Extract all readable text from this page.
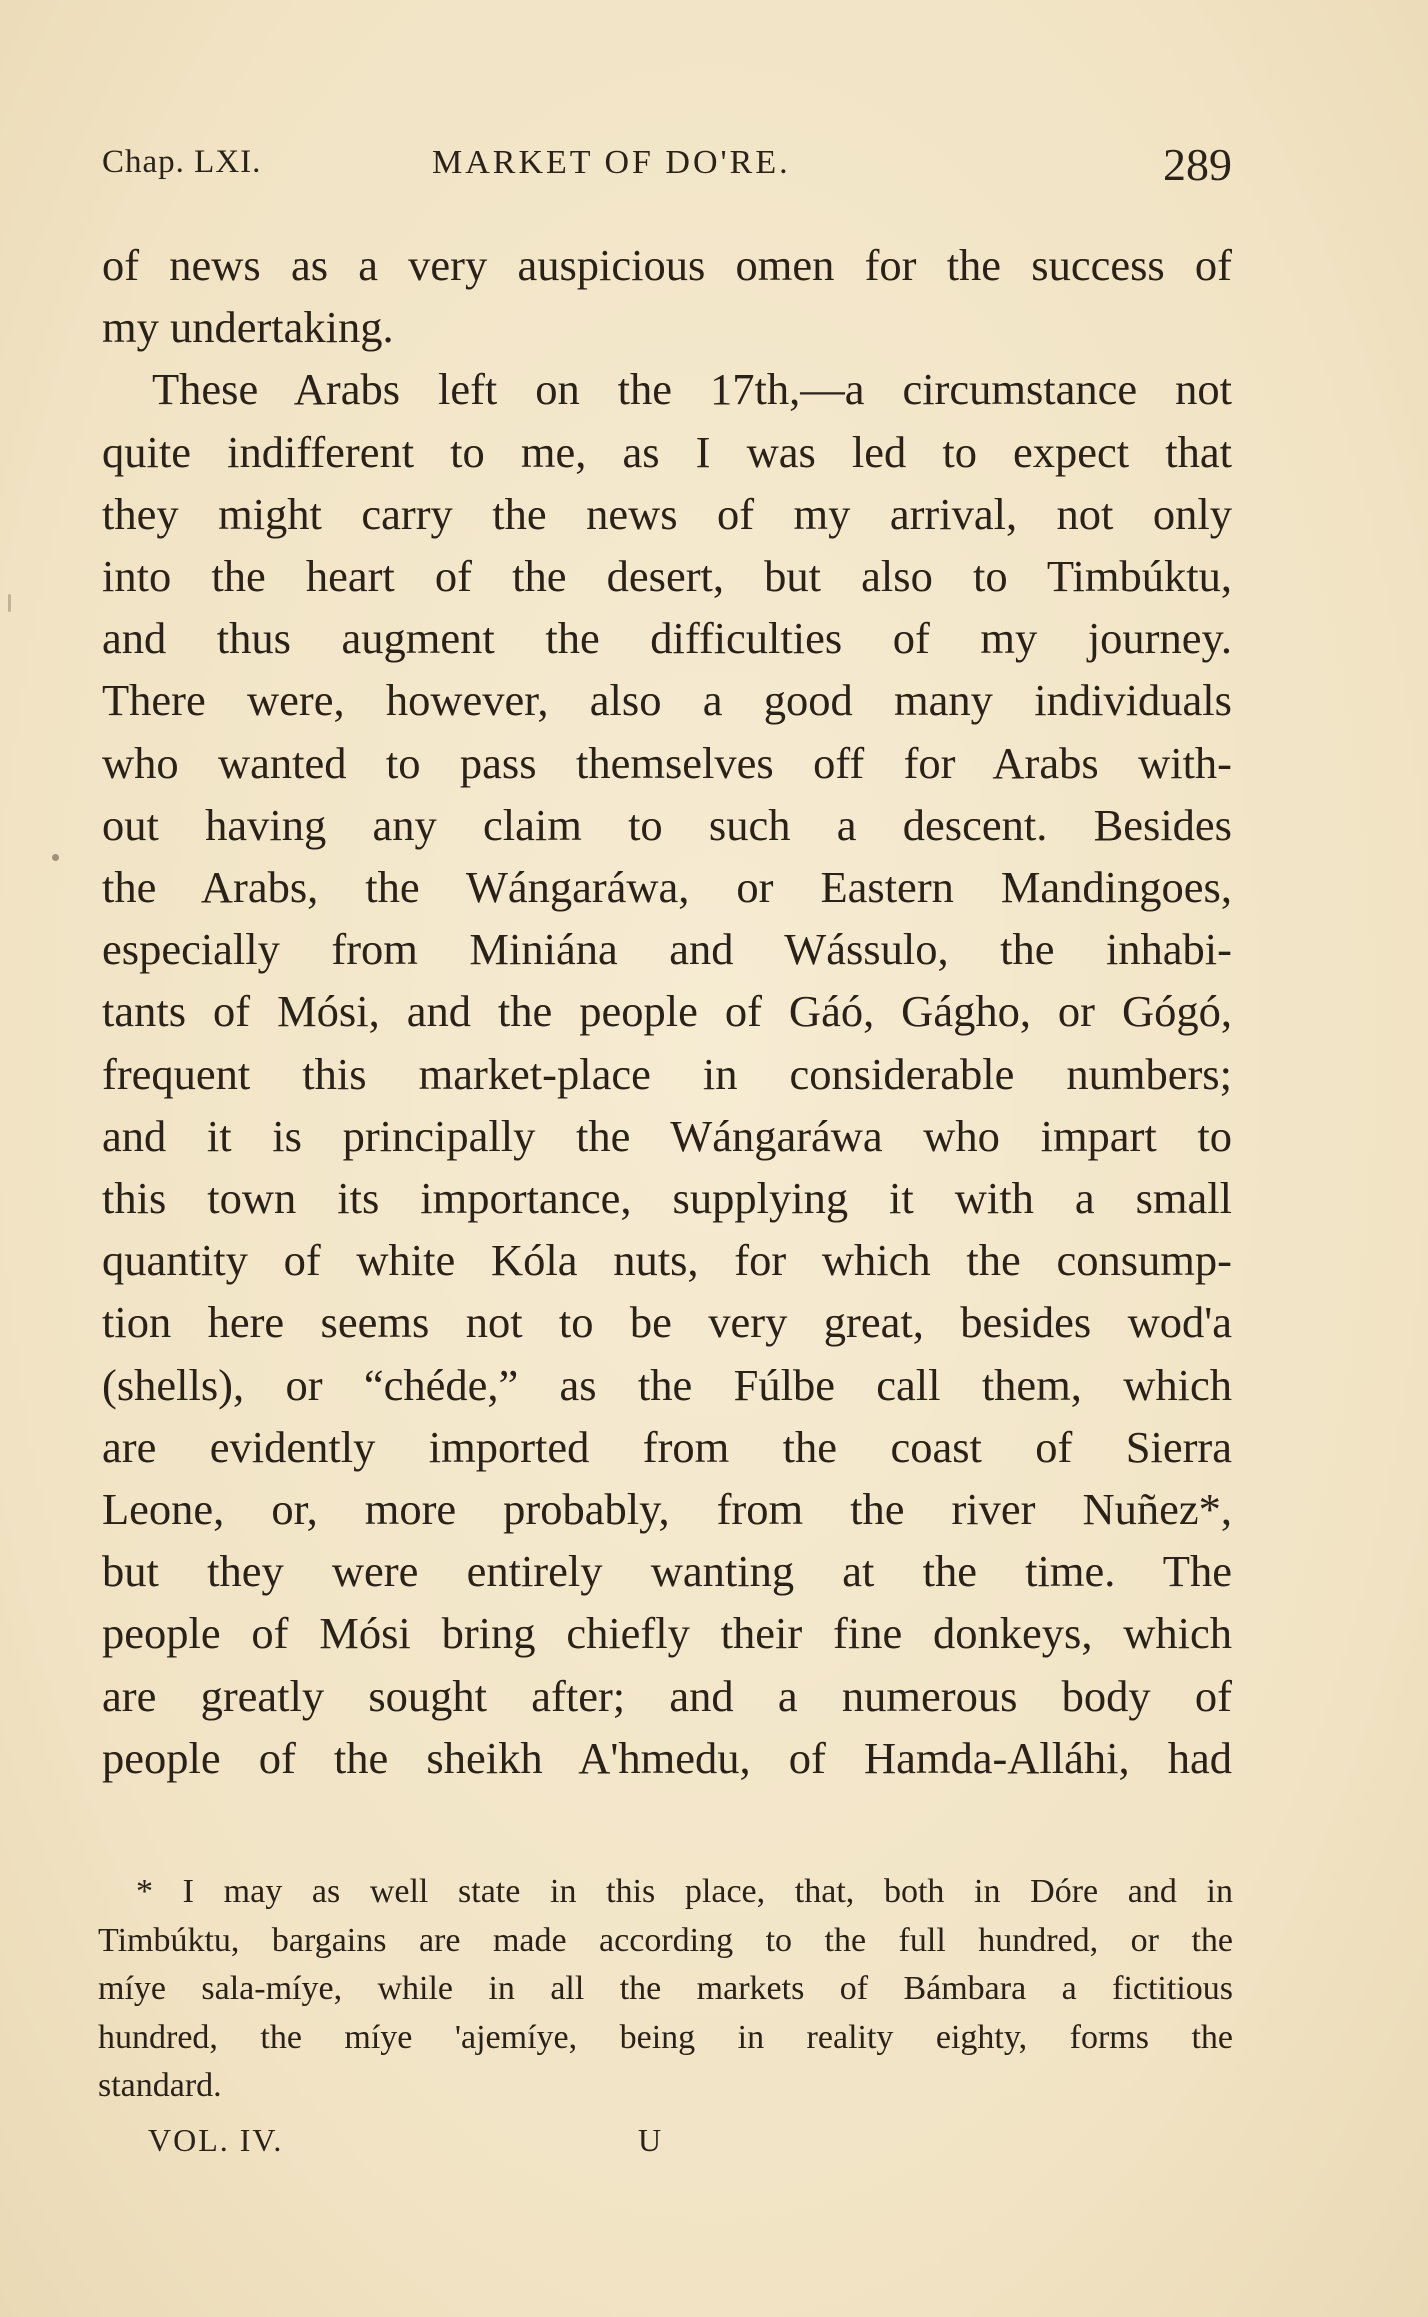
Chap. LXI.	MARKET OF DO'RE.	289
of news as a very auspicious omen for the success of
my undertaking.
These Arabs left on the 17th,—a circumstance not
quite indifferent to me, as I was led to expect that
they might carry the news of my arrival, not only
into the heart of the desert, but also to Timbúktu,
and thus augment the difficulties of my journey.
There were, however, also a good many individuals
who wanted to pass themselves off for Arabs with-
out having any claim to such a descent. Besides
the Arabs, the Wángaráwa, or Eastern Mandingoes,
especially from Miniána and Wássulo, the inhabi-
tants of Mósi, and the people of Gáó, Gágho, or Gógó,
frequent this market-place in considerable numbers;
and it is principally the Wángaráwa who impart to
this town its importance, supplying it with a small
quantity of white Kóla nuts, for which the consump-
tion here seems not to be very great, besides wod'a
(shells), or “chéde,” as the Fúlbe call them, which
are evidently imported from the coast of Sierra
Leone, or, more probably, from the river Nuñez*,
but they were entirely wanting at the time. The
people of Mósi bring chiefly their fine donkeys, which
are greatly sought after; and a numerous body of
people of the sheikh A'hmedu, of Hamda-Alláhi, had
* I may as well state in this place, that, both in Dóre and in
Timbúktu, bargains are made according to the full hundred, or the
míye sala-míye, while in all the markets of Bámbara a fictitious
hundred, the míye 'ajemíye, being in reality eighty, forms the
standard.
VOL. IV.	U
